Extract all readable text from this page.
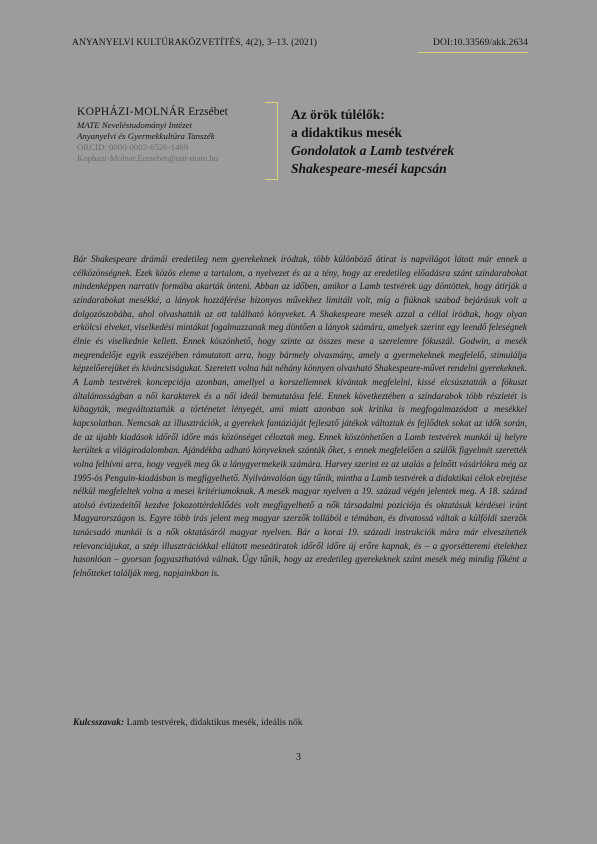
ANYANYELVI KULTÚRAKÖZVETÍTÉS, 4(2), 3–13. (2021)	DOI:10.33569/akk.2634
KOPHÁZI-MOLNÁR Erzsébet
MATE Neveléstudományi Intézet
Anyanyelvi és Gyermekkultúra Tanszék
ORCID: 0000-0002-6526-1469
Kophazi-Molnar.Erzsebet@uni-mate.hu
Az örök túlélők:
a didaktikus mesék
Gondolatok a Lamb testvérek
Shakespeare-meséi kapcsán

Bár Shakespeare drámái eredetileg nem gyerekeknek íródtak, több különböző átirat is napvilágot látott már ennek a célközönségnek. Ezek közös eleme a tartalom, a nyelvezet és az a tény, hogy az eredetileg előadásra szánt színdarabokat mindenképpen narratív formába akarták önteni. Abban az időben, amikor a Lamb testvérek úgy döntöttek, hogy átírják a színdarabokat mesékké, a lányok hozzáférése bizonyos művekhez limitált volt, míg a fiúknak szabad bejárásuk volt a dolgozószobába, ahol olvashatták az ott található könyveket. A Shakespeare mesék azzal a céllal íródtak, hogy olyan erkölcsi elveket, viselkedési mintákat fogalmazzanak meg döntően a lányok számára, amelyek szerint egy leendő feleségnek élnie és viselkednie kellett. Ennek köszönhető, hogy szinte az összes mese a szerelemre fókuszál. Godwin, a mesék megrendelője egyik esszéjében rámutatott arra, hogy bármely olvasmány, amely a gyermekeknek megfelelő, stimulálja képzelőerejüket és kíváncsiságukat. Szeretett volna hát néhány könnyen olvasható Shakespeare-művet rendelni gyerekeknek. A Lamb testvérek koncepciója azonban, amellyel a korszellemnek kívántak megfelelni, kissé elcsúsztatták a fókuszt általánosságban a női karakterek és a női ideál bemutatása felé. Ennek következtében a színdarabok több részletét is kihagyták, megváltoztatták a történetet lényegét, ami miatt azonban sok kritika is megfogalmazódott a mesékkel kapcsolatban. Nemcsak az illusztrációk, a gyerekek fantáziáját fejlesztő játékok változtak és fejlődtek sokat az idők során, de az újabb kiadások időről időre más közönséget céloztak meg. Ennek köszönhetően a Lamb testvérek munkái új helyre kerültek a világirodalomban. Ajándékba adható könyveknek szánták őket, s ennek megfelelően a szülők figyelmét szerették volna felhívni arra, hogy vegyék meg ők a lánygyermekeik számára. Harvey szerint ez az utalás a felnőtt vásárlókra még az 1995-ös Penguin-kiadásban is megfigyelhető. Nyilvánvalóan úgy tűnik, mintha a Lamb testvérek a didaktikai célok elrejtése nélkül megfeleltek volna a mesei kritériumoknak. A mesék magyar nyelven a 19. század végén jelentek meg. A 18. század utolsó évtizedeitől kezdve fokozottérdeklődés volt megfigyelhető a nők társadalmi pozíciója és oktatásuk kérdései iránt Magyarországon is. Egyre több írás jelent meg magyar szerzők tollából e témában, és divatossá váltak a külföldi szerzők tanácsadó munkái is a nők oktatásáról magyar nyelven. Bár a korai 19. századi instrukciók mára már elveszítették relevanciájukat, a szép illusztrációkkal ellátott meseátiratok időről időre új erőre kapnak, és – a gyorsétteremi ételekhez hasonlóan – gyorsan fogyaszthatóvá válnak. Úgy tűnik, hogy az eredetileg gyerekeknek szánt mesék még mindig főként a felnőtteket találják meg, napjainkban is.

Kulcsszavak: Lamb testvérek, didaktikus mesék, ideális nők
3
